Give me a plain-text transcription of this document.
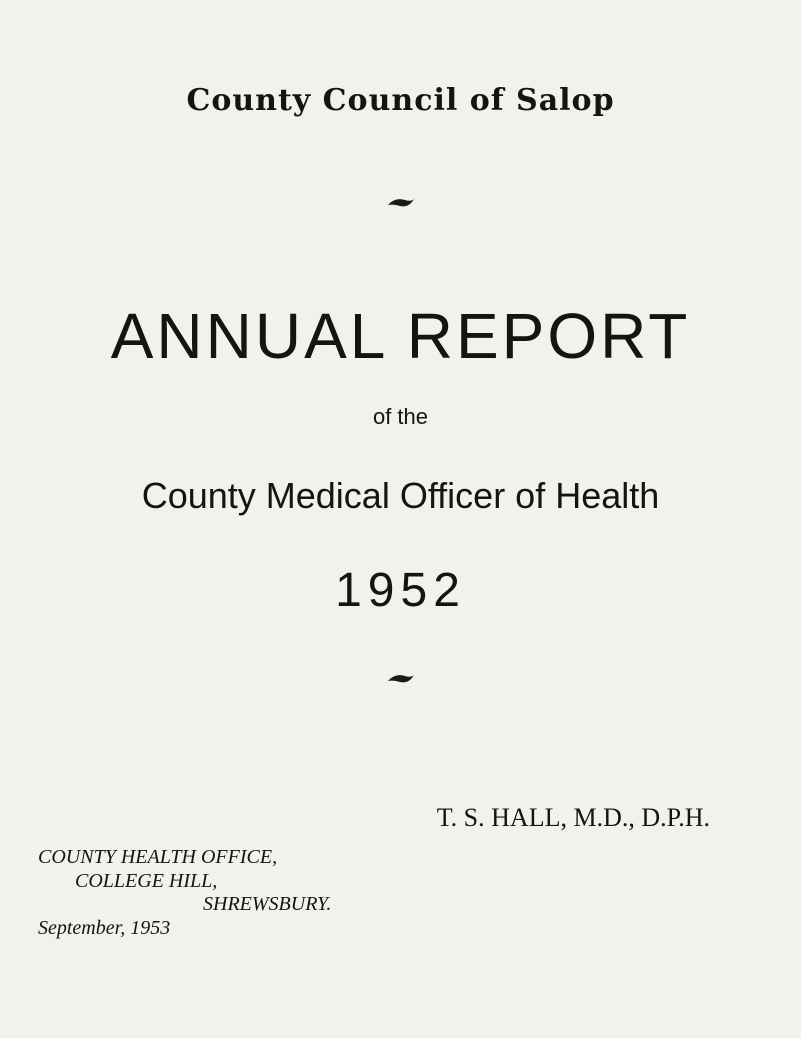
County Council of Salop
ANNUAL REPORT
of the
County Medical Officer of Health
1952
T. S. HALL, M.D., D.P.H.
COUNTY HEALTH OFFICE,
COLLEGE HILL,
SHREWSBURY.
September, 1953
